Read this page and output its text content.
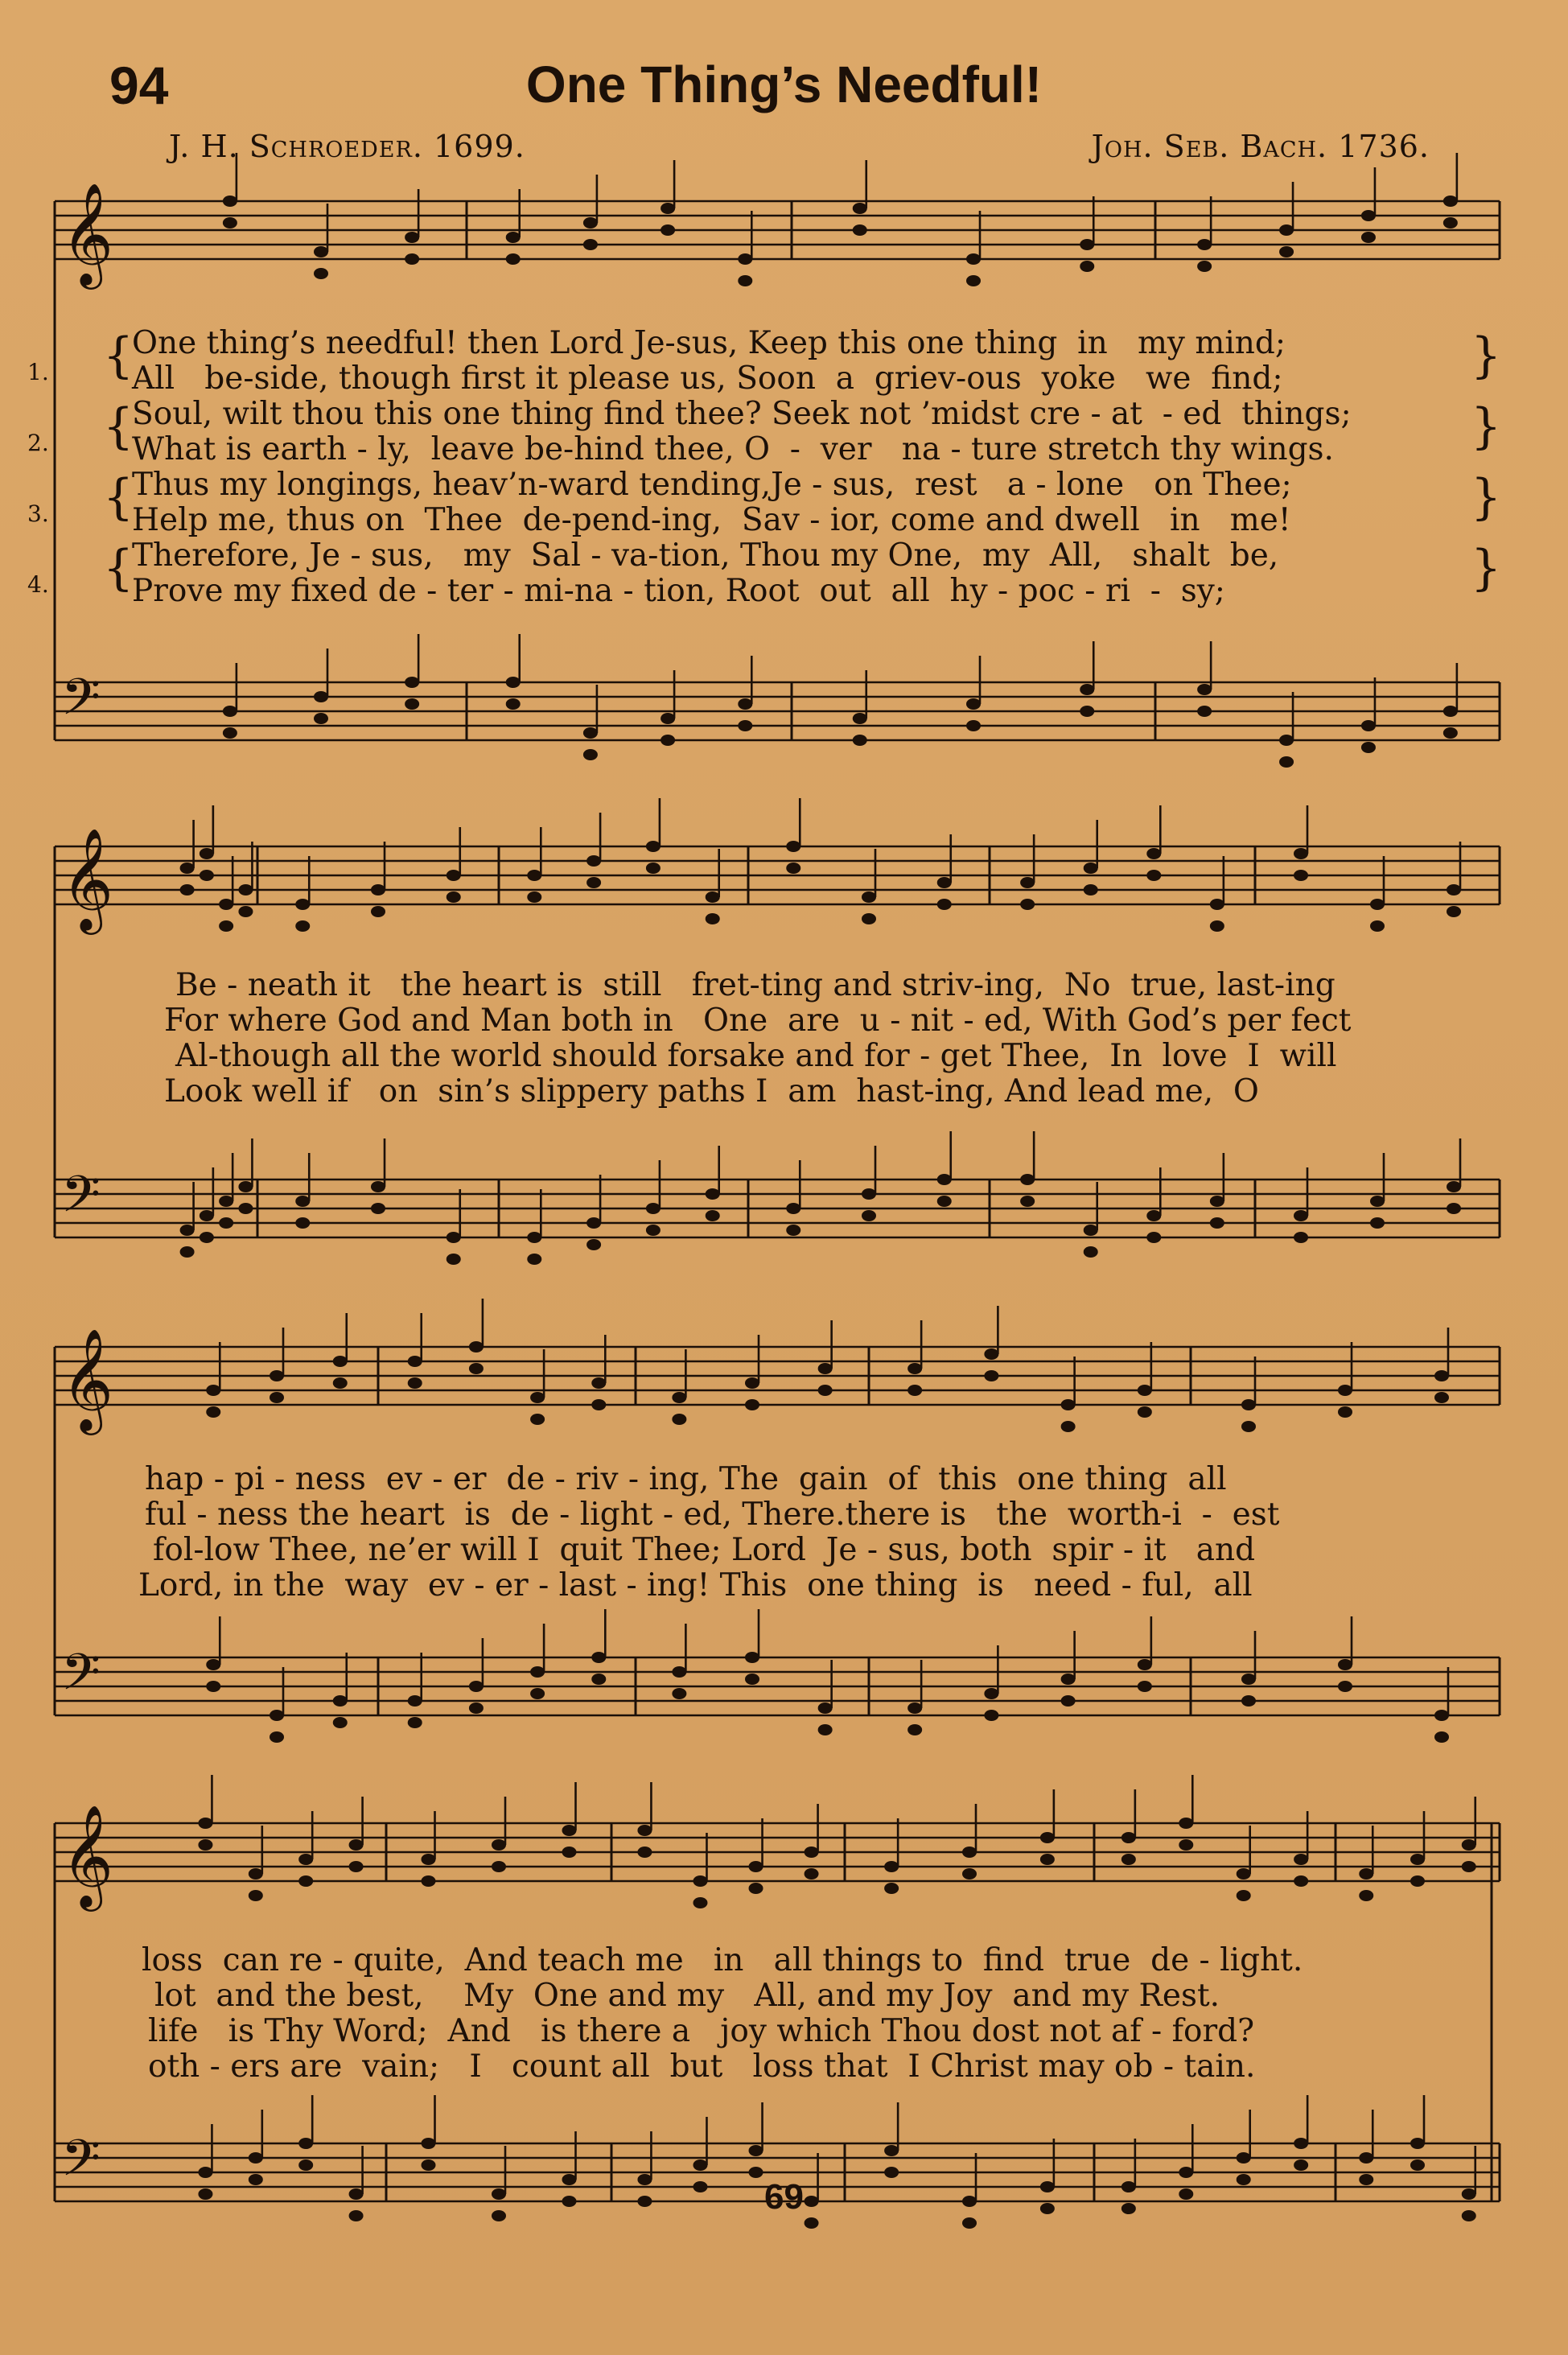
94	One Thing’s Needful!
J. H. Schroeder. 1699.	Joh. Seb. Bach. 1736.
𝄞
𝄢
𝄞
𝄢
𝄞
𝄢
𝄞
𝄢
1. {
One thing’s needful! then Lord Je-sus, Keep this one thing  in   my mind;
All   be-side, though first it please us, Soon  a  griev-ous  yoke   we  find;
2. {
Soul, wilt thou this one thing find thee? Seek not ’midst cre - at  - ed  things;
What is earth - ly,  leave be-hind thee, O  -  ver   na - ture stretch thy wings.
3. {
Thus my longings, heav’n-ward tending,Je - sus,  rest   a - lone   on Thee;
Help me, thus on  Thee  de-pend-ing,  Sav - ior, come and dwell   in   me!
4. {
Therefore, Je - sus,   my  Sal - va-tion, Thou my One,  my  All,   shalt  be,
Prove my fixed de - ter - mi-na - tion, Root  out  all  hy - poc - ri  -  sy;
}
}
}
}
Be - neath it   the heart is  still   fret-ting and striv-ing,  No  true, last-ing
For where God and Man both in   One  are  u - nit - ed, With God’s per fect
Al-though all the world should forsake and for - get Thee,  In  love  I  will
Look well if   on  sin’s slippery paths I  am  hast-ing, And lead me,  O
hap - pi - ness  ev - er  de - riv - ing, The  gain  of  this  one thing  all
ful - ness the heart  is  de - light - ed, There.there is   the  worth-i  -  est
fol-low Thee, ne’er will I  quit Thee; Lord  Je - sus, both  spir - it   and
Lord, in the  way  ev - er - last - ing! This  one thing  is   need - ful,  all
loss  can re - quite,  And teach me   in   all things to  find  true  de - light.
lot  and the best,    My  One and my   All, and my Joy  and my Rest.
life   is Thy Word;  And   is there a   joy which Thou dost not af - ford?
oth - ers are  vain;   I   count all  but   loss that  I Christ may ob - tain.
69
